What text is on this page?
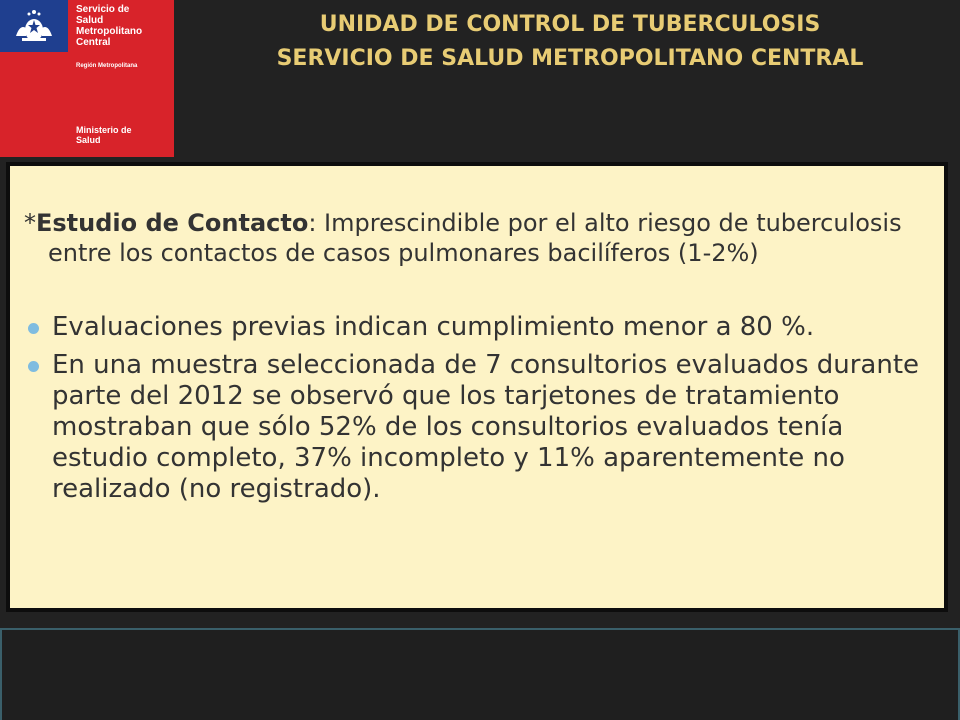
Servicio de
Salud
Metropolitano
Central
Región Metropolitana
Ministerio de
Salud
UNIDAD DE CONTROL DE TUBERCULOSIS
SERVICIO DE SALUD METROPOLITANO CENTRAL

*Estudio de Contacto: Imprescindible por el alto riesgo de tuberculosis entre los contactos de casos pulmonares bacilíferos (1-2%)

Evaluaciones previas indican cumplimiento menor a 80 %.
En una muestra seleccionada de 7 consultorios evaluados durante parte del 2012 se observó que los tarjetones de tratamiento mostraban que sólo 52% de los consultorios evaluados tenía estudio completo, 37% incompleto y 11% aparentemente no realizado (no registrado).
